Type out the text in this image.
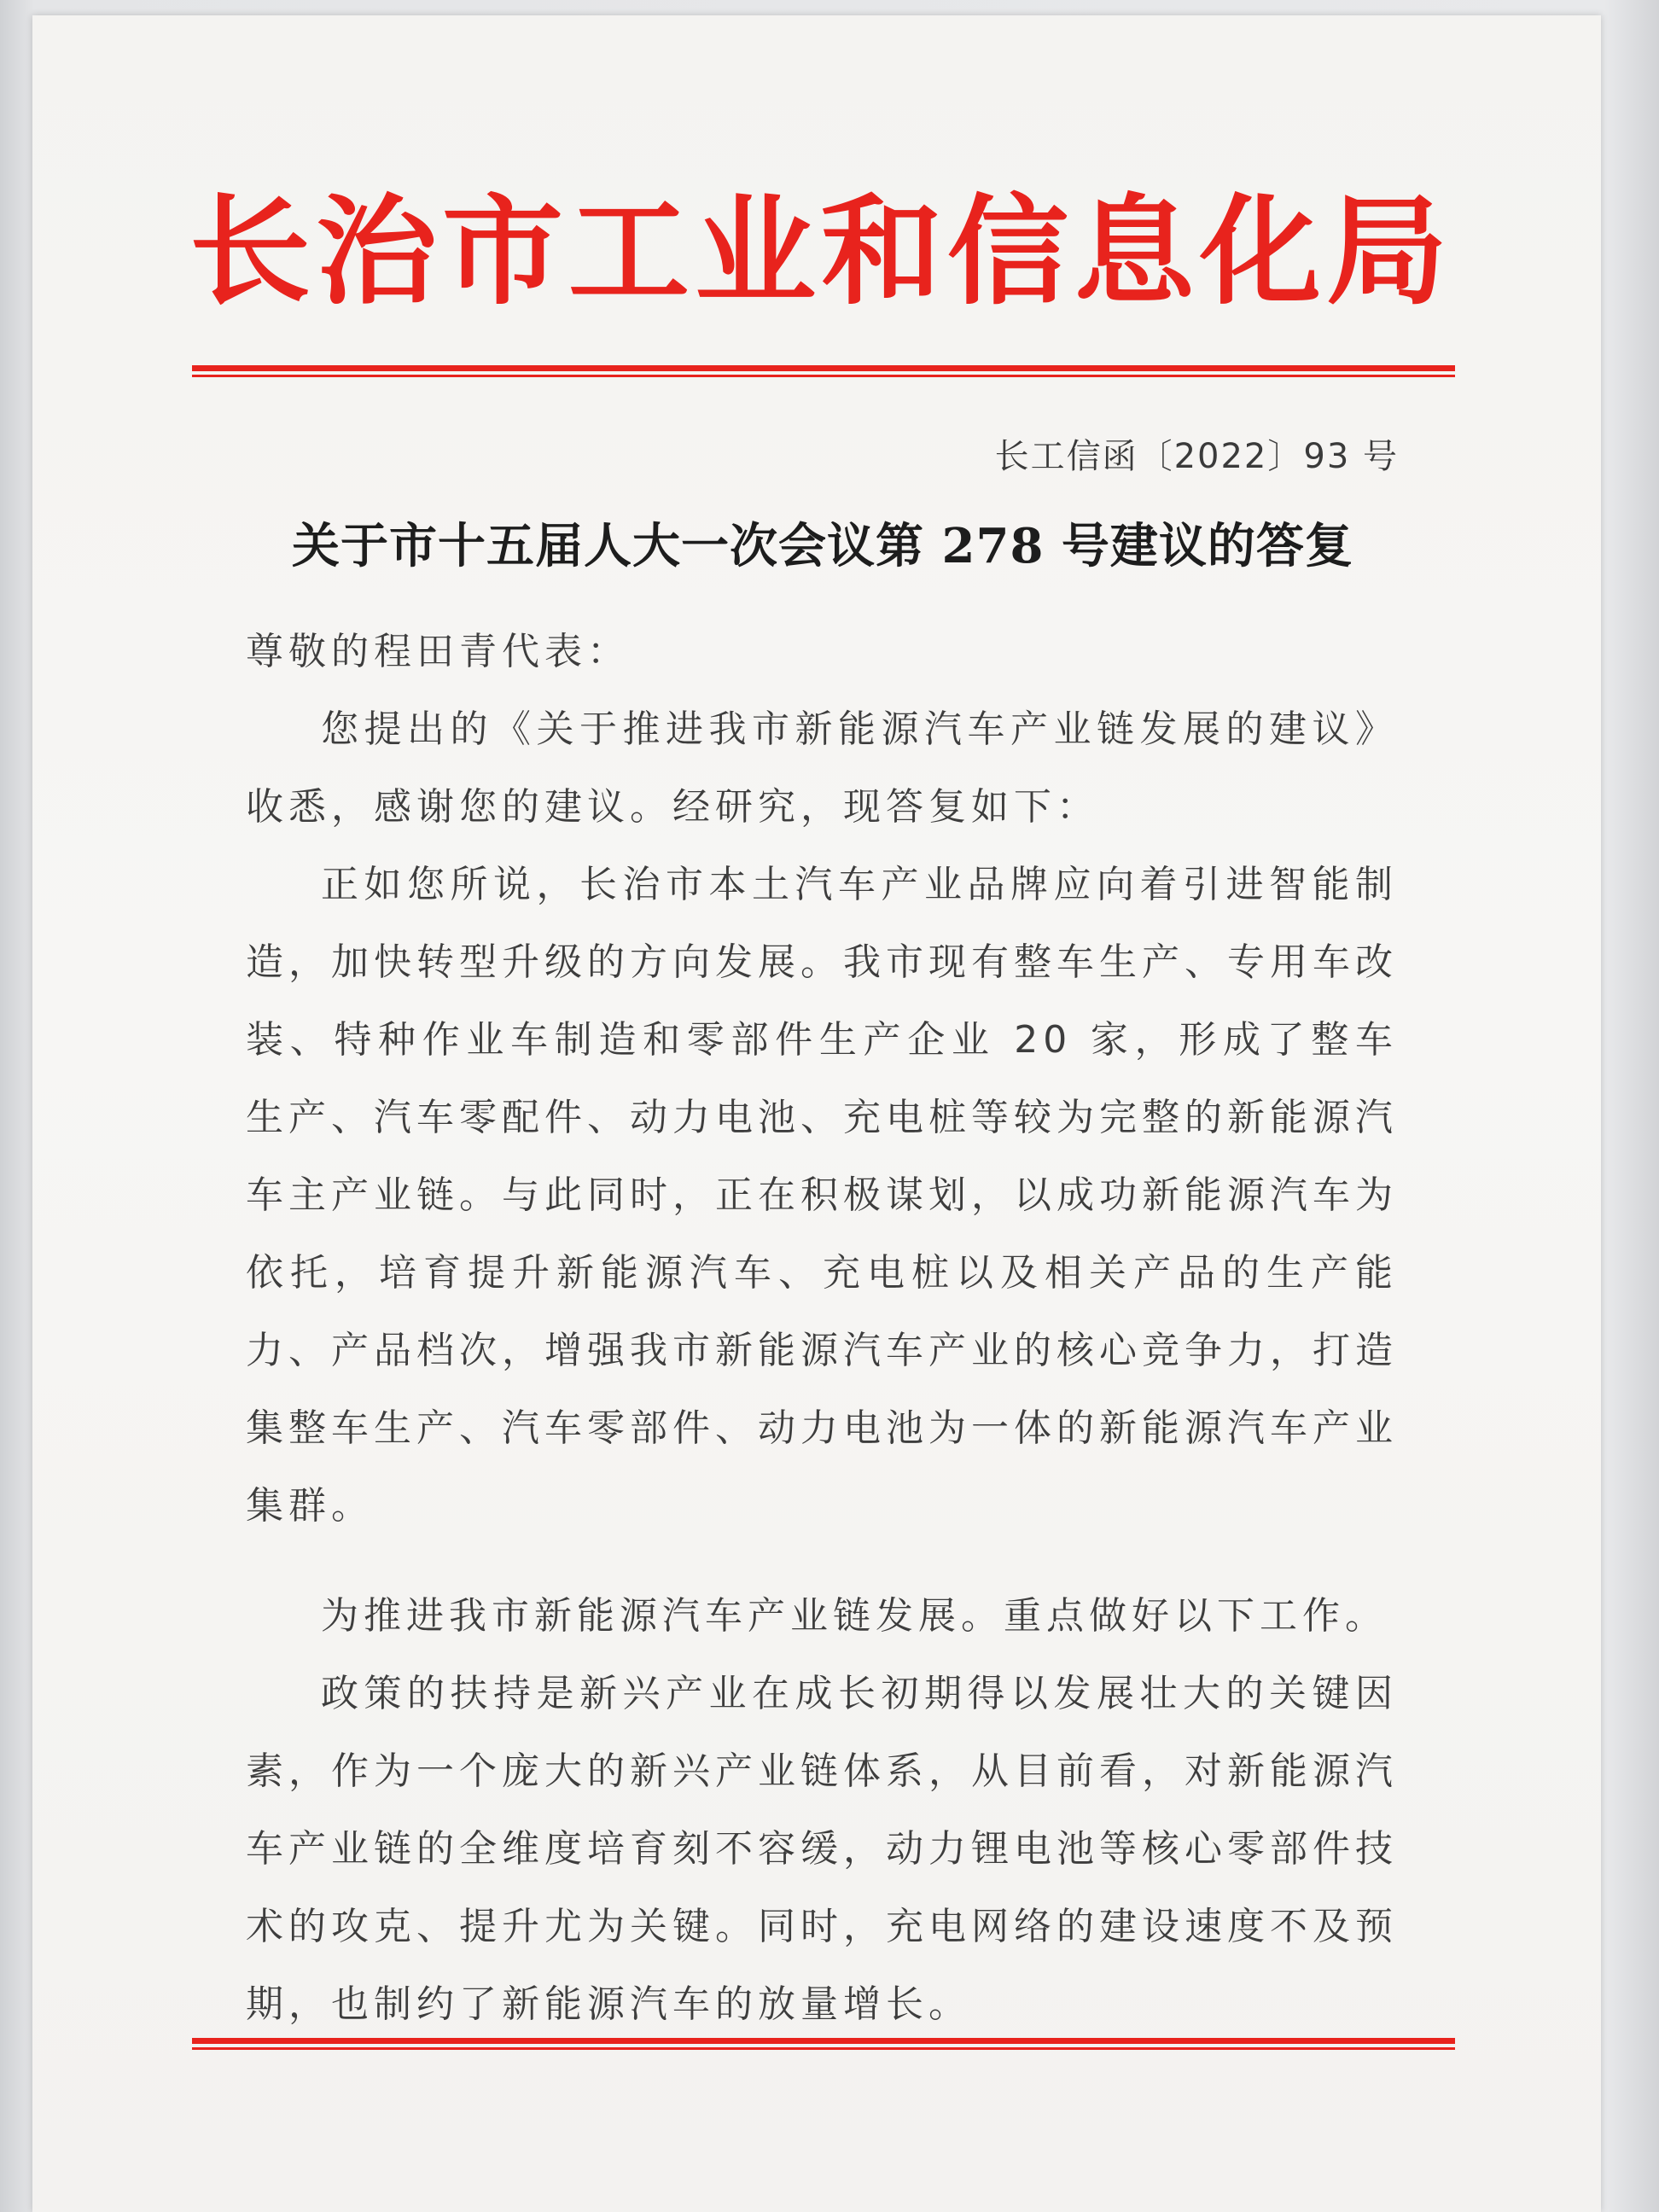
长治市工业和信息化局
长工信函〔2022〕93 号
关于市十五届人大一次会议第 278 号建议的答复

尊敬的程田青代表：

您提出的《关于推进我市新能源汽车产业链发展的建议》收悉，感谢您的建议。经研究，现答复如下：

正如您所说，长治市本土汽车产业品牌应向着引进智能制造，加快转型升级的方向发展。我市现有整车生产、专用车改装、特种作业车制造和零部件生产企业 20 家，形成了整车生产、汽车零配件、动力电池、充电桩等较为完整的新能源汽车主产业链。与此同时，正在积极谋划，以成功新能源汽车为依托，培育提升新能源汽车、充电桩以及相关产品的生产能力、产品档次，增强我市新能源汽车产业的核心竞争力，打造集整车生产、汽车零部件、动力电池为一体的新能源汽车产业集群。

为推进我市新能源汽车产业链发展。重点做好以下工作。

政策的扶持是新兴产业在成长初期得以发展壮大的关键因素，作为一个庞大的新兴产业链体系，从目前看，对新能源汽车产业链的全维度培育刻不容缓，动力锂电池等核心零部件技术的攻克、提升尤为关键。同时，充电网络的建设速度不及预期，也制约了新能源汽车的放量增长。
